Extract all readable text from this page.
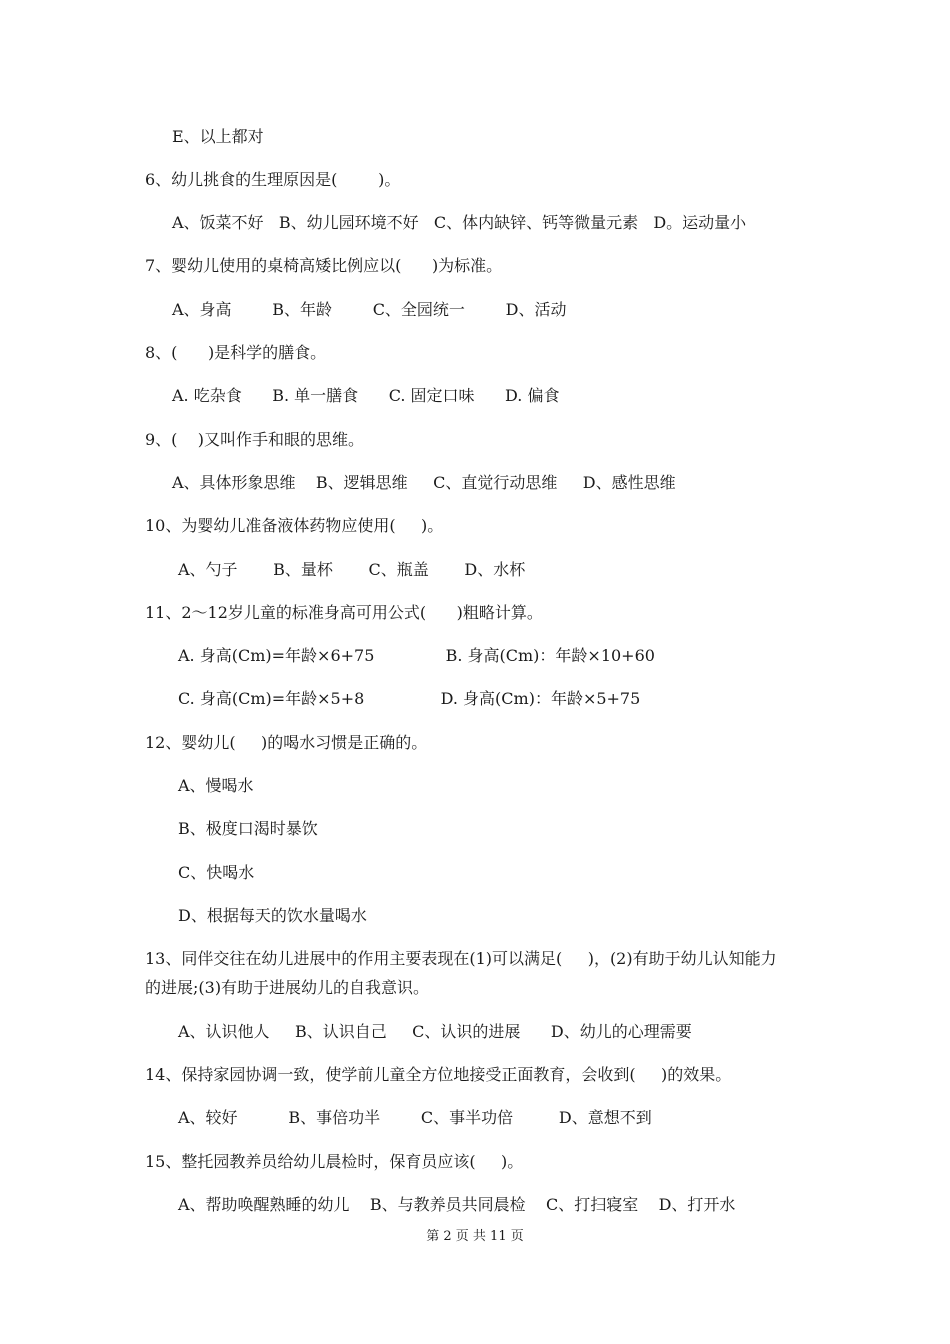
E、以上都对
6、幼儿挑食的生理原因是(        )。
A、饭菜不好   B、幼儿园环境不好   C、体内缺锌、钙等微量元素   D。运动量小
7、婴幼儿使用的桌椅高矮比例应以(      )为标准。
A、身高        B、年龄        C、全园统一        D、活动
8、(      )是科学的膳食。
A. 吃杂食      B. 单一膳食      C. 固定口味      D. 偏食
9、(    )又叫作手和眼的思维。
A、具体形象思维    B、逻辑思维     C、直觉行动思维     D、感性思维
10、为婴幼儿准备液体药物应使用(     )。
A、勺子       B、量杯       C、瓶盖       D、水杯
11、2～12岁儿童的标准身高可用公式(      )粗略计算。
A. 身高(Cm)=年龄×6+75              B. 身高(Cm)：年龄×10+60
C. 身高(Cm)=年龄×5+8               D. 身高(Cm)：年龄×5+75
12、婴幼儿(     )的喝水习惯是正确的。
A、慢喝水
B、极度口渴时暴饮
C、快喝水
D、根据每天的饮水量喝水
13、同伴交往在幼儿进展中的作用主要表现在(1)可以满足(     )，(2)有助于幼儿认知能力
的进展;(3)有助于进展幼儿的自我意识。
A、认识他人     B、认识自己     C、认识的进展      D、幼儿的心理需要
14、保持家园协调一致，使学前儿童全方位地接受正面教育，会收到(     )的效果。
A、较好          B、事倍功半        C、事半功倍         D、意想不到
15、整托园教养员给幼儿晨检时，保育员应该(     )。
A、帮助唤醒熟睡的幼儿    B、与教养员共同晨检    C、打扫寝室    D、打开水
第 2 页 共 11 页
